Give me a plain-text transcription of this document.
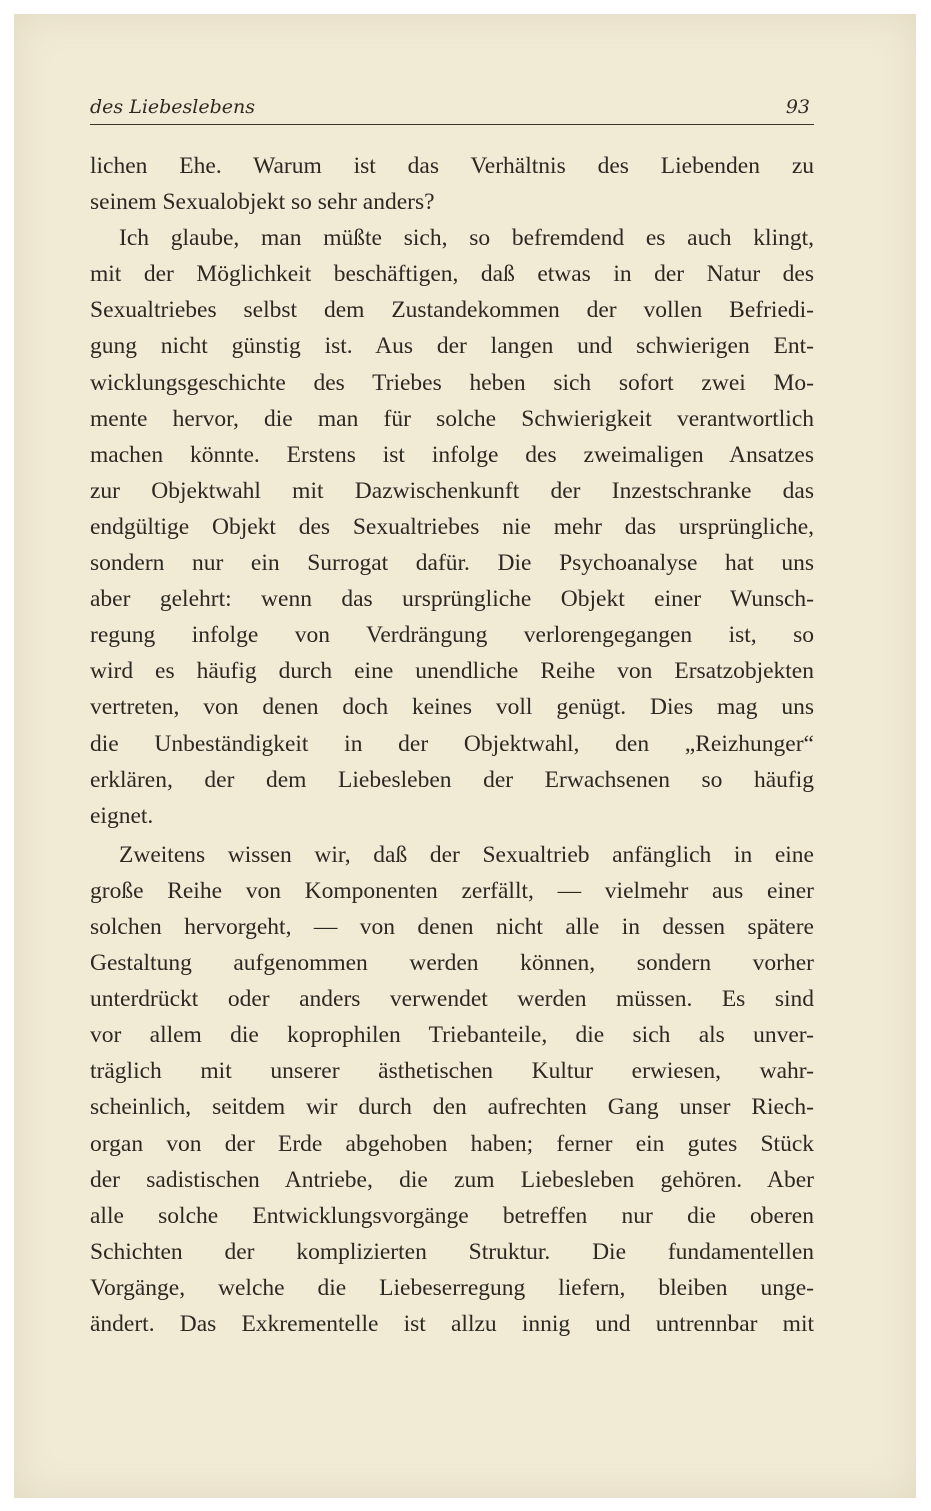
des Liebeslebens	93
lichen Ehe. Warum ist das Verhältnis des Liebenden zu
seinem Sexualobjekt so sehr anders?
Ich glaube, man müßte sich, so befremdend es auch klingt,
mit der Möglichkeit beschäftigen, daß etwas in der Natur des
Sexualtriebes selbst dem Zustandekommen der vollen Befriedi-
gung nicht günstig ist. Aus der langen und schwierigen Ent-
wicklungsgeschichte des Triebes heben sich sofort zwei Mo-
mente hervor, die man für solche Schwierigkeit verantwortlich
machen könnte. Erstens ist infolge des zweimaligen Ansatzes
zur Objektwahl mit Dazwischenkunft der Inzestschranke das
endgültige Objekt des Sexualtriebes nie mehr das ursprüngliche,
sondern nur ein Surrogat dafür. Die Psychoanalyse hat uns
aber gelehrt: wenn das ursprüngliche Objekt einer Wunsch-
regung infolge von Verdrängung verlorengegangen ist, so
wird es häufig durch eine unendliche Reihe von Ersatzobjekten
vertreten, von denen doch keines voll genügt. Dies mag uns
die Unbeständigkeit in der Objektwahl, den „Reizhunger“
erklären, der dem Liebesleben der Erwachsenen so häufig
eignet.
Zweitens wissen wir, daß der Sexualtrieb anfänglich in eine
große Reihe von Komponenten zerfällt, — vielmehr aus einer
solchen hervorgeht, — von denen nicht alle in dessen spätere
Gestaltung aufgenommen werden können, sondern vorher
unterdrückt oder anders verwendet werden müssen. Es sind
vor allem die koprophilen Triebanteile, die sich als unver-
träglich mit unserer ästhetischen Kultur erwiesen, wahr-
scheinlich, seitdem wir durch den aufrechten Gang unser Riech-
organ von der Erde abgehoben haben; ferner ein gutes Stück
der sadistischen Antriebe, die zum Liebesleben gehören. Aber
alle solche Entwicklungsvorgänge betreffen nur die oberen
Schichten der komplizierten Struktur. Die fundamentellen
Vorgänge, welche die Liebeserregung liefern, bleiben unge-
ändert. Das Exkrementelle ist allzu innig und untrennbar mit
